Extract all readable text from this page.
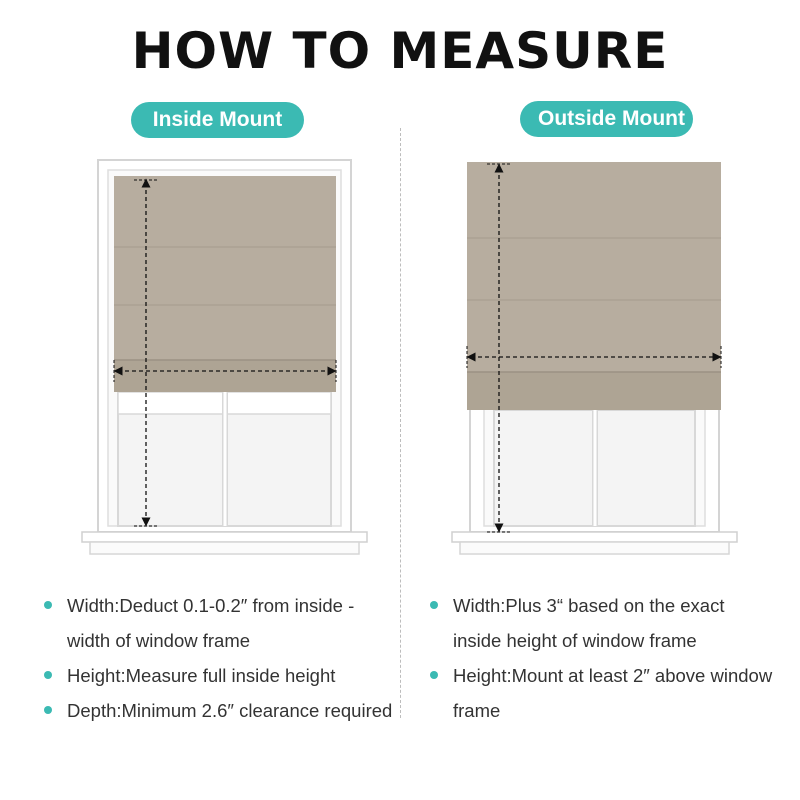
HOW TO MEASURE
Inside Mount	Outside Mount
Width:Deduct 0.1-0.2″ from inside -width of window frame
Height:Measure full inside height
Depth:Minimum 2.6″ clearance required
Width:Plus 3“ based on the exact inside height of window frame
Height:Mount at least 2″ above window frame
